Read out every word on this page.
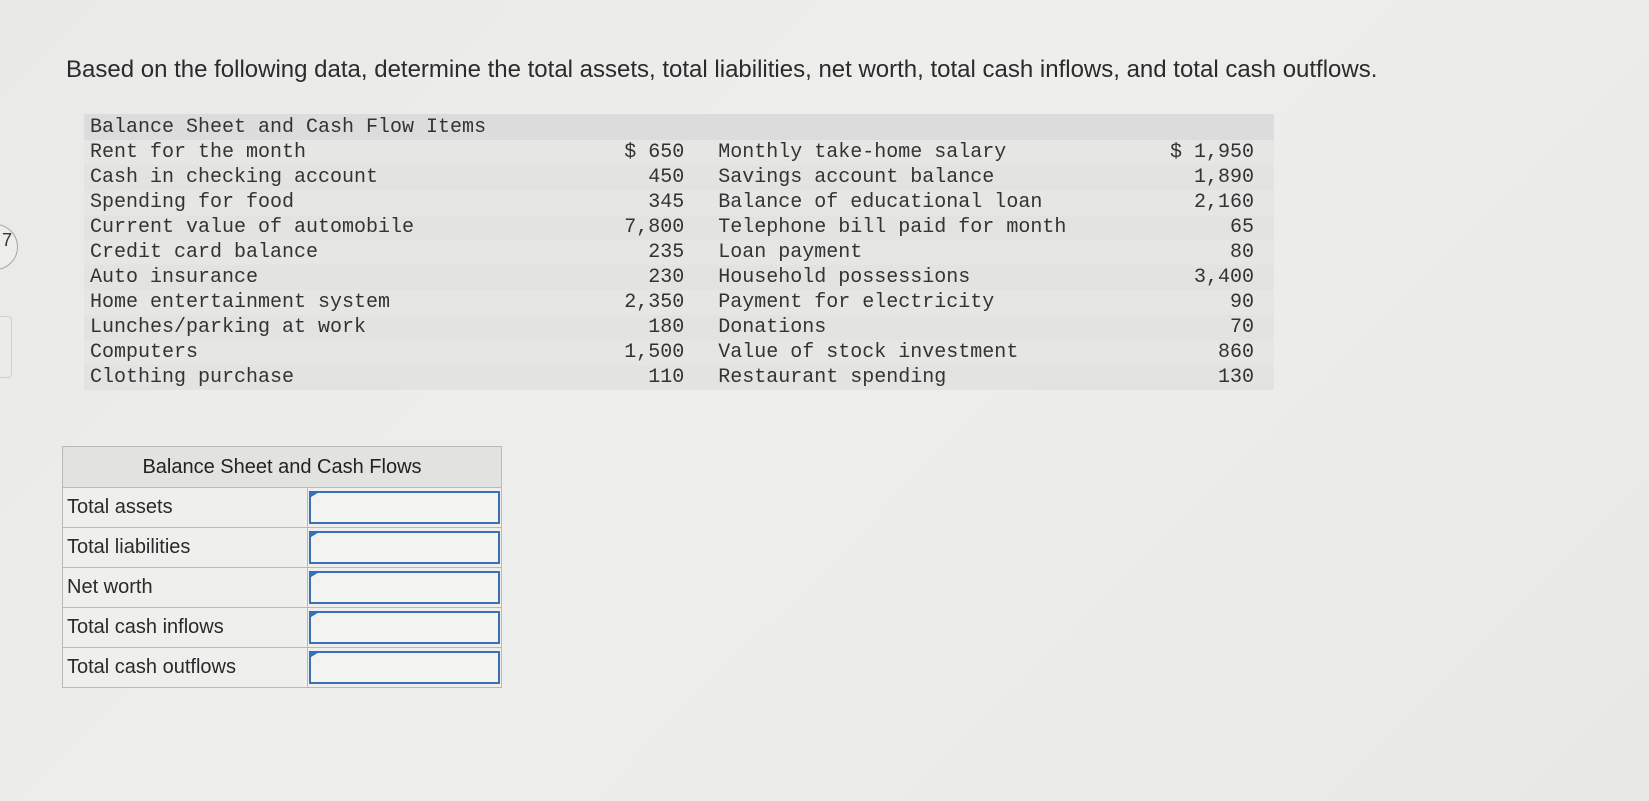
7
Based on the following data, determine the total assets, total liabilities, net worth, total cash inflows, and total cash outflows.
Balance Sheet and Cash Flow Items			
Rent for the month	$ 650	Monthly take-home salary	$ 1,950
Cash in checking account	450	Savings account balance	1,890
Spending for food	345	Balance of educational loan	2,160
Current value of automobile	7,800	Telephone bill paid for month	65
Credit card balance	235	Loan payment	80
Auto insurance	230	Household possessions	3,400
Home entertainment system	2,350	Payment for electricity	90
Lunches/parking at work	180	Donations	70
Computers	1,500	Value of stock investment	860
Clothing purchase	110	Restaurant spending	130
Balance Sheet and Cash Flows	
Total assets	

Total liabilities	

Net worth	

Total cash inflows	

Total cash outflows	
